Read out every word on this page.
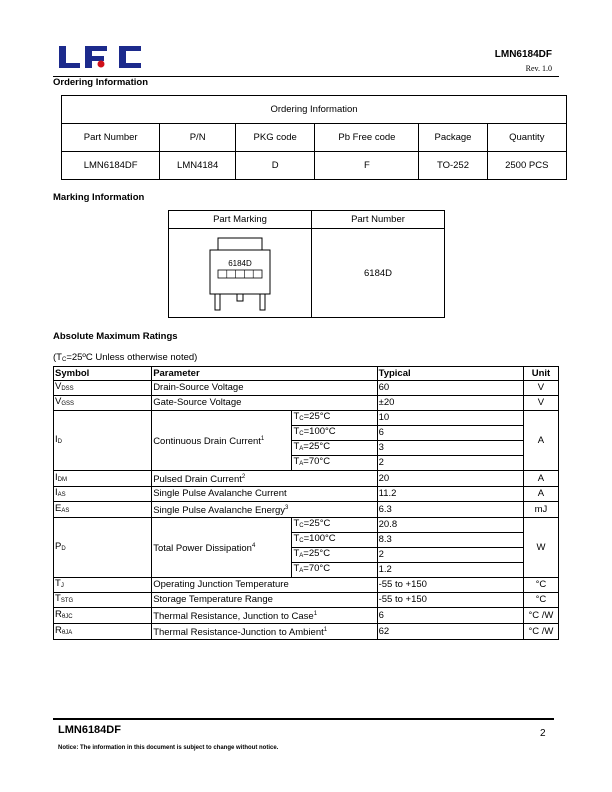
LMN6184DF
Rev. 1.0
Ordering Information
Ordering Information					
Part Number	P/N	PKG code	Pb Free code	Package	Quantity
LMN6184DF	LMN4184	D	F	TO-252	2500 PCS
Marking Information
Part Marking	Part Number

6184D	6184D
Absolute Maximum Ratings
(TC=25ºC Unless otherwise noted)
Symbol	Parameter		Typical	Unit
VDSS	Drain-Source Voltage		60	V
VGSS	Gate-Source Voltage		±20	V
ID	Continuous Drain Current$^1$	TC=25°C	10	A
		TC=100°C	6	
		TA=25°C	3	
		TA=70°C	2	
IDM	Pulsed Drain Current$^2$		20	A
IAS	Single Pulse Avalanche Current		11.2	A
EAS	Single Pulse Avalanche Energy$^3$		6.3	mJ
PD	Total Power Dissipation$^4$	TC=25°C	20.8	W
		TC=100°C	8.3	
		TA=25°C	2	
		TA=70°C	1.2	
TJ	Operating Junction Temperature		-55 to +150	°C
TSTG	Storage Temperature Range		-55 to +150	°C
RθJC	Thermal Resistance, Junction to Case$^1$		6	°C /W
RθJA	Thermal Resistance-Junction to Ambient$^1$		62	°C /W
LMN6184DF	2
Notice: The information in this document is subject to change without notice.
